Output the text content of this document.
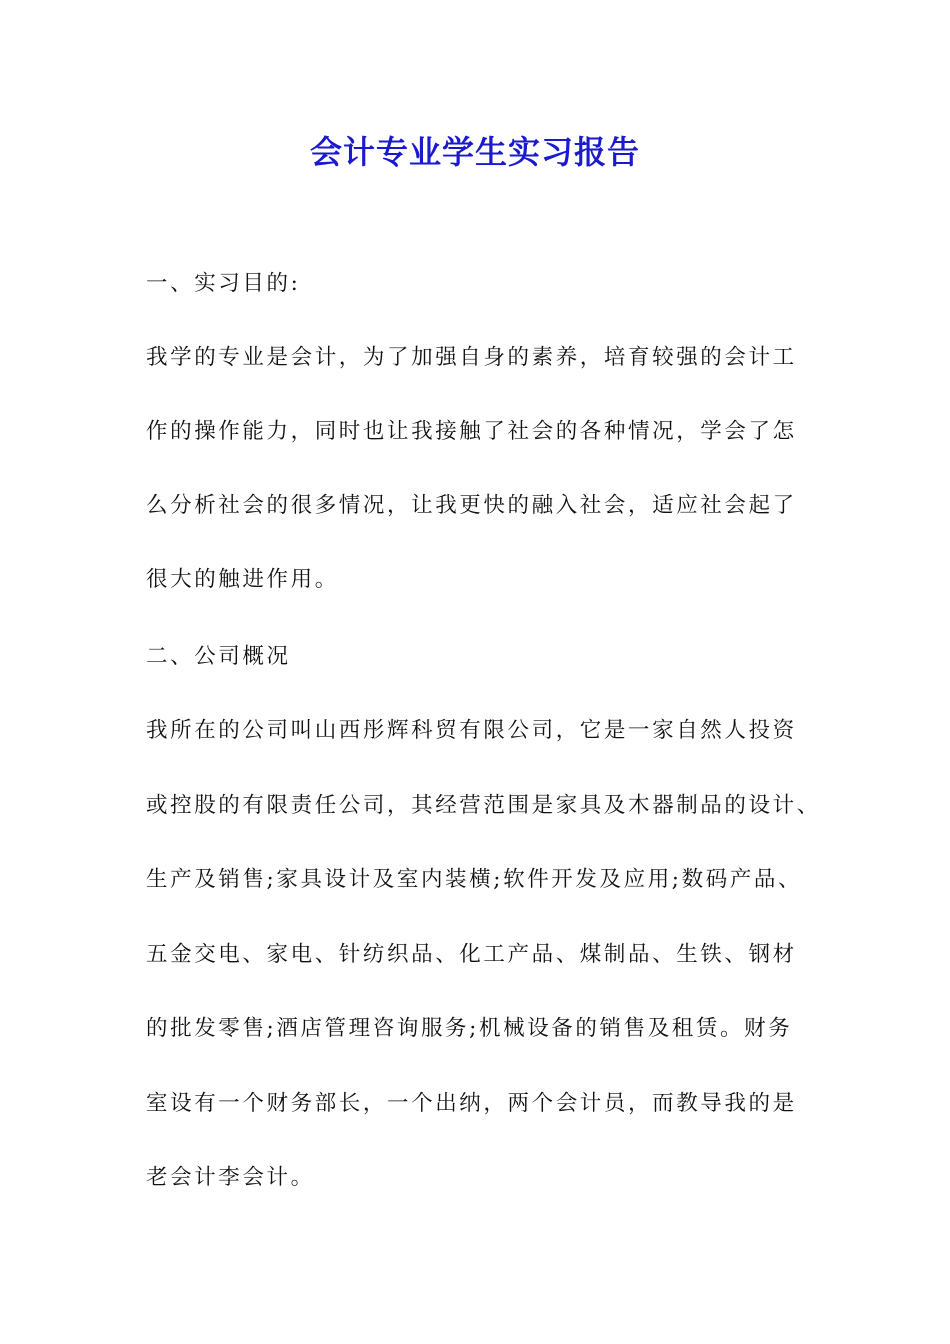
会计专业学生实习报告

一、实习目的:

我学的专业是会计，为了加强自身的素养，培育较强的会计工

作的操作能力，同时也让我接触了社会的各种情况，学会了怎

么分析社会的很多情况，让我更快的融入社会，适应社会起了

很大的触进作用。

二、公司概况

我所在的公司叫山西彤辉科贸有限公司，它是一家自然人投资

或控股的有限责任公司，其经营范围是家具及木器制品的设计、

生产及销售;家具设计及室内装横;软件开发及应用;数码产品、

五金交电、家电、针纺织品、化工产品、煤制品、生铁、钢材

的批发零售;酒店管理咨询服务;机械设备的销售及租赁。财务

室设有一个财务部长，一个出纳，两个会计员，而教导我的是

老会计李会计。
